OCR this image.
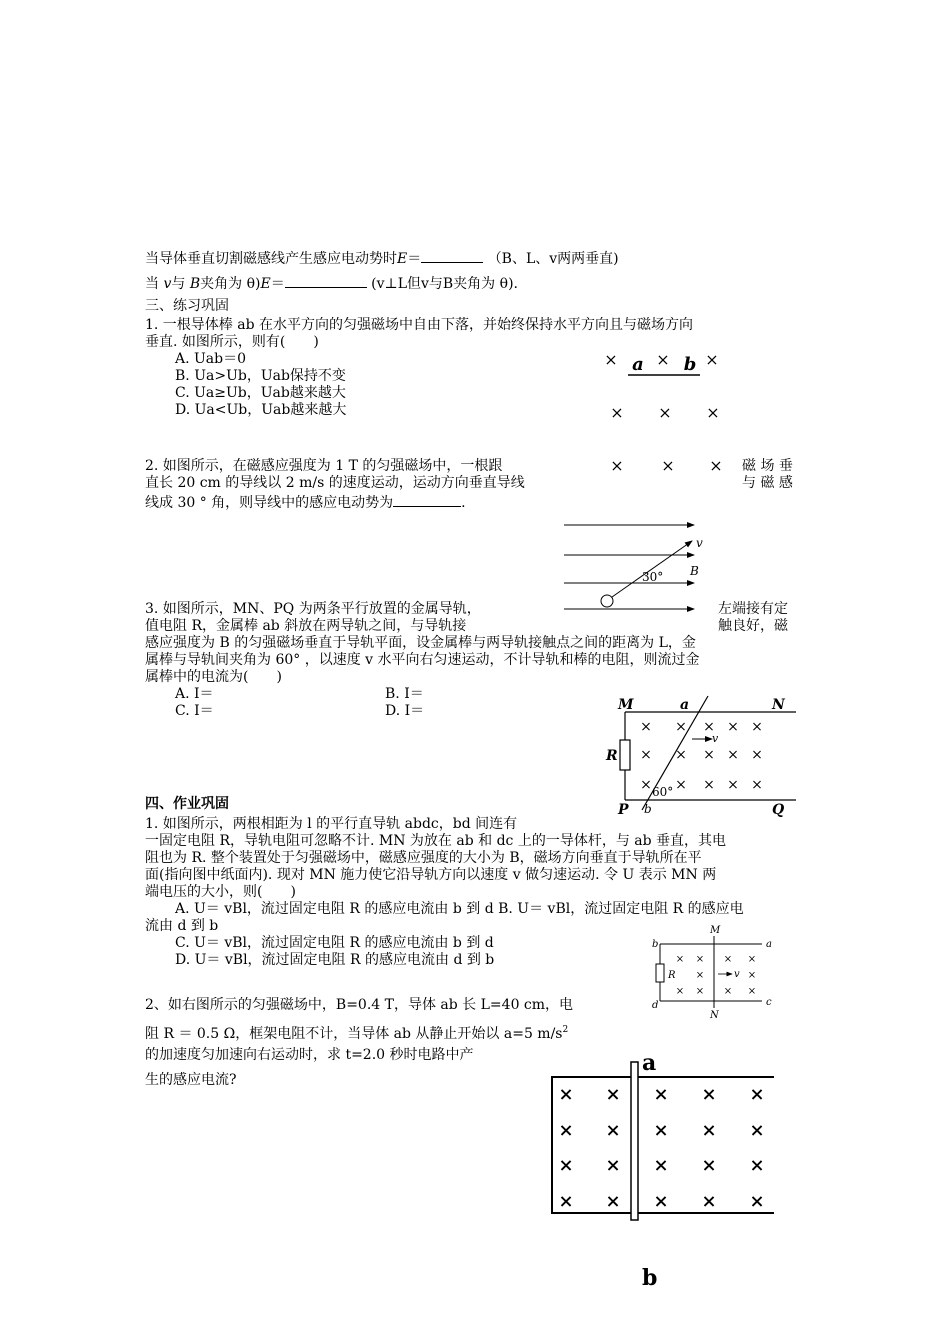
当导体垂直切割磁感线产生感应电动势时E＝	（B、L、v两两垂直)
当 v与 B夹角为 θ)E＝	(v⊥L但v与B夹角为 θ).
三、练习巩固
1. 一根导体棒 ab 在水平方向的匀强磁场中自由下落，并始终保持水平方向且与磁场方向
垂直. 如图所示，则有(　　)
A. Uab＝0
B. Ua>Ub，Uab保持不变
C. Ua≥Ub，Uab越来越大
D. Ua<Ub，Uab越来越大
× × ×
a b
× × ×
2. 如图所示，在磁感应强度为 1 T 的匀强磁场中，一根跟	× × × 磁 场 垂
直长 20 cm 的导线以 2 m/s 的速度运动，运动方向垂直导线	与 磁 感
线成 30 ° 角，则导线中的感应电动势为	.
v
B
30°
3. 如图所示，MN、PQ 为两条平行放置的金属导轨，	左端接有定
值电阻 R，金属棒 ab 斜放在两导轨之间，与导轨接	触良好，磁
感应强度为 B 的匀强磁场垂直于导轨平面，设金属棒与两导轨接触点之间的距离为 L，金
属棒与导轨间夹角为 60° ，以速度 v 水平向右匀速运动，不计导轨和棒的电阻，则流过金
属棒中的电流为(　　)
A. I＝	B. I＝
C. I＝	D. I＝	M	a	N
R
P	Q
b
60°
v
× × × × ×
× × × × ×
× × × × ×
四、作业巩固
1. 如图所示，两根相距为 l 的平行直导轨 abdc，bd 间连有
一固定电阻 R，导轨电阻可忽略不计. MN 为放在 ab 和 dc 上的一导体杆，与 ab 垂直，其电
阻也为 R. 整个装置处于匀强磁场中，磁感应强度的大小为 B，磁场方向垂直于导轨所在平
面(指向图中纸面内). 现对 MN 施力使它沿导轨方向以速度 v 做匀速运动. 令 U 表示 MN 两
端电压的大小，则(　　)
A. U＝ vBl，流过固定电阻 R 的感应电流由 b 到 d B. U＝ vBl，流过固定电阻 R 的感应电
流由 d 到 b
C. U＝ vBl，流过固定电阻 R 的感应电流由 b 到 d
D. U＝ vBl，流过固定电阻 R 的感应电流由 d 到 b
M
N
b	a
d	c
R	v
× × × ×
×	×
× × × ×
2、如右图所示的匀强磁场中，B=0.4 T，导体 ab 长 L=40 cm，电
阻 R ＝ 0.5 Ω，框架电阻不计，当导体 ab 从静止开始以 a=5 $m/s^2$
的加速度匀加速向右运动时，求 t=2.0 秒时电路中产
生的感应电流?
a
b
× × × × ×
× × × × ×
× × × × ×
× × × × ×
